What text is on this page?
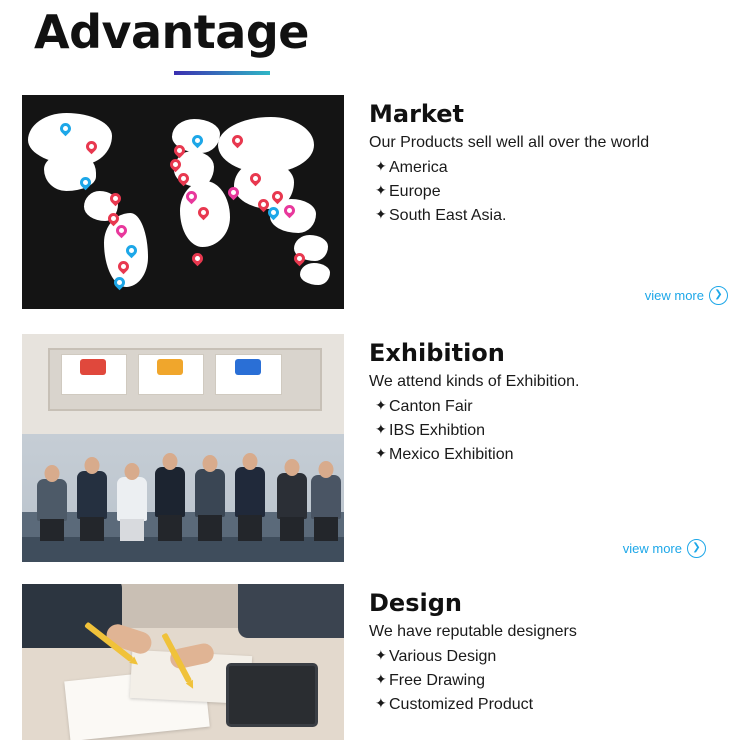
Advantage
Market
Our Products sell well all over the world
✦ America
✦ Europe
✦ South East Asia.
view more	❯
Exhibition
We attend kinds of Exhibition.
✦ Canton Fair
✦ IBS Exhibtion
✦ Mexico Exhibition
view more	❯
Design
We have reputable designers
✦ Various Design
✦ Free Drawing
✦ Customized Product
